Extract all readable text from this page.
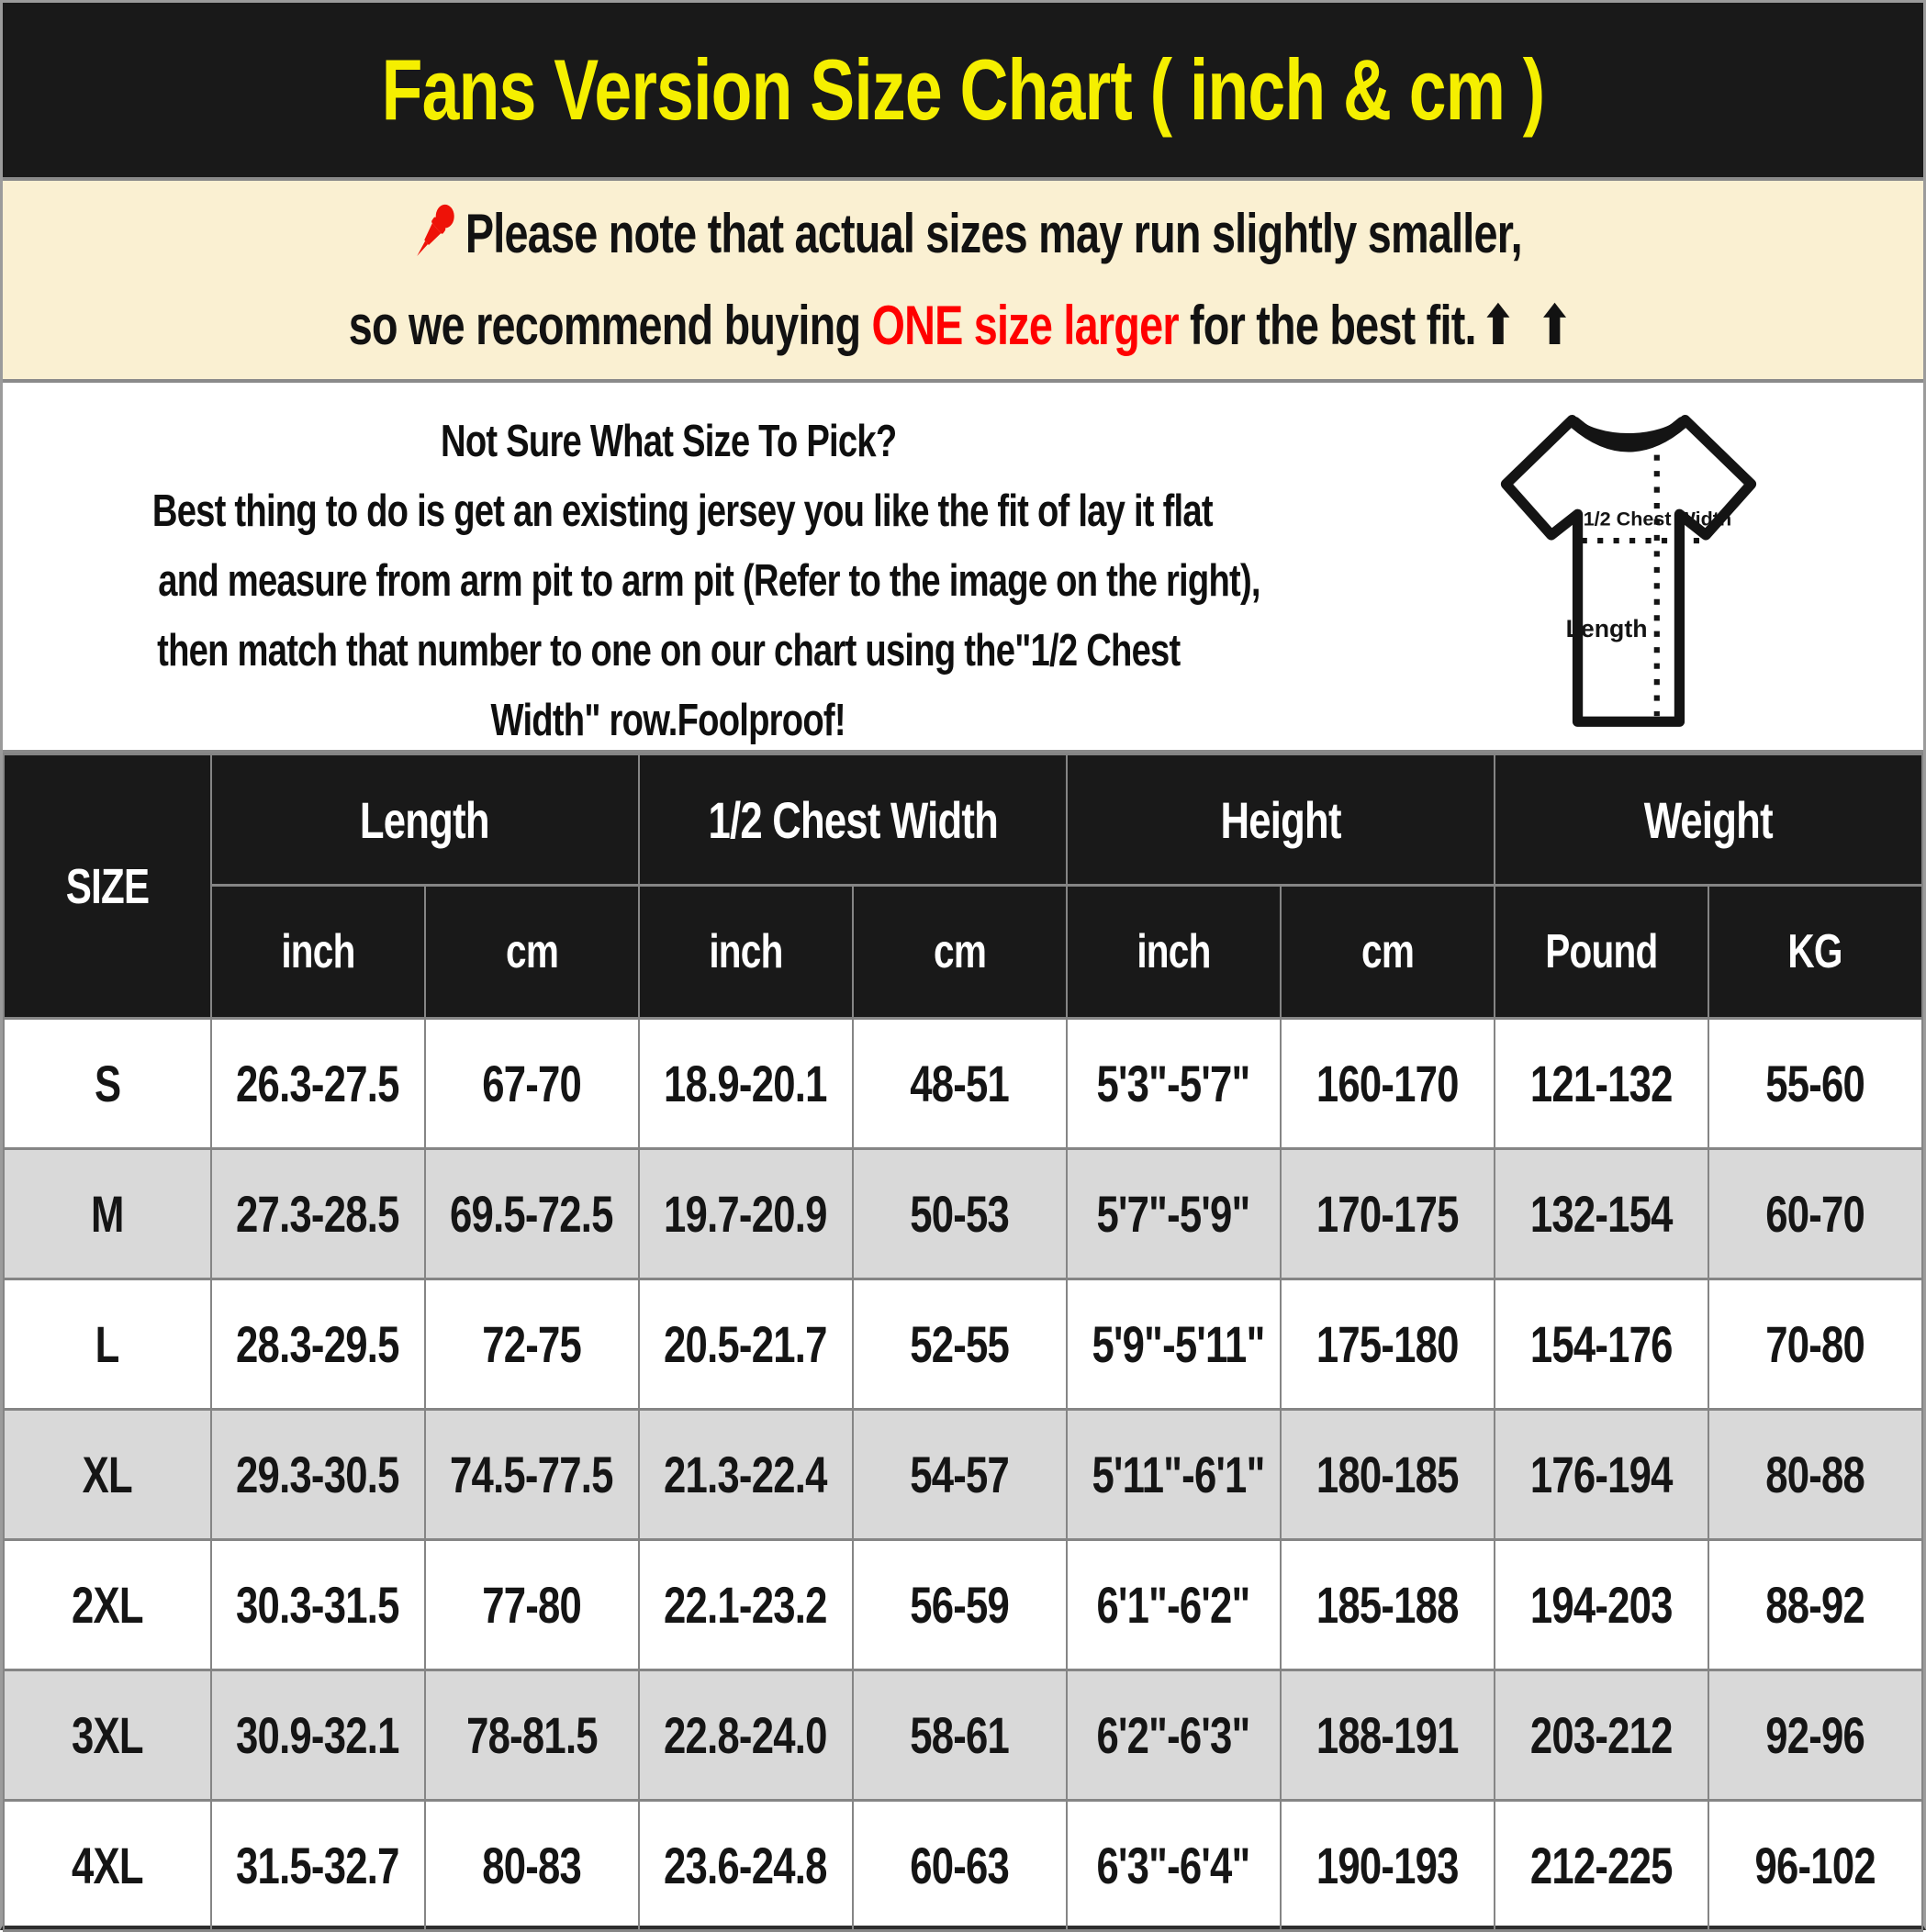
Fans Version Size Chart ( inch & cm )
Please note that actual sizes may run slightly smaller,
so we recommend buying ONE size larger for the best fit.⬆ ⬆
Not Sure What Size To Pick?
Best thing to do is get an existing jersey you like the fit of lay it flat
and measure from arm pit to arm pit (Refer to the image on the right),
then match that number to one on our chart using the"1/2 Chest
Width" row.Foolproof!
1/2 Chest Width
Length
SIZE	Length		1/2 Chest Width		Height		Weight	
	inch	cm	inch	cm	inch	cm	Pound	KG
S	26.3-27.5	67-70	18.9-20.1	48-51	5'3"-5'7"	160-170	121-132	55-60
M	27.3-28.5	69.5-72.5	19.7-20.9	50-53	5'7"-5'9"	170-175	132-154	60-70
L	28.3-29.5	72-75	20.5-21.7	52-55	5'9"-5'11"	175-180	154-176	70-80
XL	29.3-30.5	74.5-77.5	21.3-22.4	54-57	5'11"-6'1"	180-185	176-194	80-88
2XL	30.3-31.5	77-80	22.1-23.2	56-59	6'1"-6'2"	185-188	194-203	88-92
3XL	30.9-32.1	78-81.5	22.8-24.0	58-61	6'2"-6'3"	188-191	203-212	92-96
4XL	31.5-32.7	80-83	23.6-24.8	60-63	6'3"-6'4"	190-193	212-225	96-102
